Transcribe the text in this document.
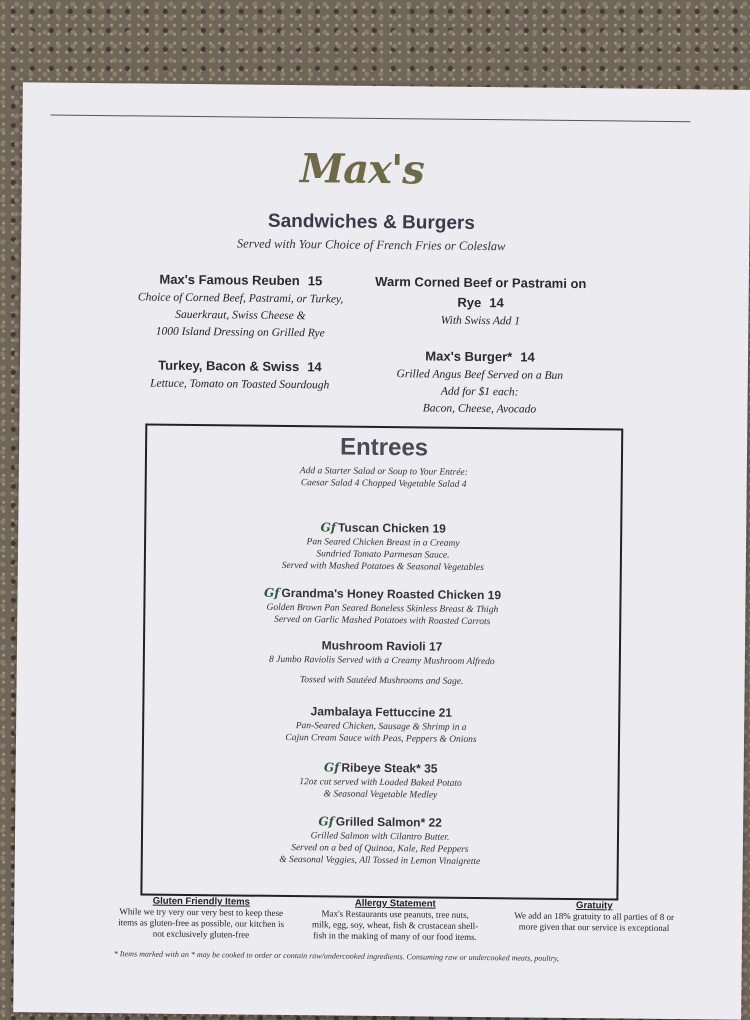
Max's
Sandwiches & Burgers
Served with Your Choice of French Fries or Coleslaw
Max's Famous Reuben 15
Choice of Corned Beef, Pastrami, or Turkey,
Sauerkraut, Swiss Cheese &
1000 Island Dressing on Grilled Rye
Turkey, Bacon & Swiss 14
Lettuce, Tomato on Toasted Sourdough
Warm Corned Beef or Pastrami on
Rye 14
With Swiss Add 1
Max's Burger* 14
Grilled Angus Beef Served on a Bun
Add for $1 each:
Bacon, Cheese, Avocado
Entrees
Add a Starter Salad or Soup to Your Entrée:
Caesar Salad 4 Chopped Vegetable Salad 4
Gf Tuscan Chicken 19
Pan Seared Chicken Breast in a Creamy
Sundried Tomato Parmesan Sauce.
Served with Mashed Potatoes & Seasonal Vegetables
Gf Grandma's Honey Roasted Chicken 19
Golden Brown Pan Seared Boneless Skinless Breast & Thigh
Served on Garlic Mashed Potatoes with Roasted Carrots
Mushroom Ravioli 17
8 Jumbo Raviolis Served with a Creamy Mushroom Alfredo
Tossed with Sautéed Mushrooms and Sage.
Jambalaya Fettuccine 21
Pan-Seared Chicken, Sausage & Shrimp in a
Cajun Cream Sauce with Peas, Peppers & Onions
Gf Ribeye Steak* 35
12oz cut served with Loaded Baked Potato
& Seasonal Vegetable Medley
Gf Grilled Salmon* 22
Grilled Salmon with Cilantro Butter.
Served on a bed of Quinoa, Kale, Red Peppers
& Seasonal Veggies, All Tossed in Lemon Vinaigrette
Gluten Friendly Items
While we try very our very best to keep these
items as gluten-free as possible, our kitchen is
not exclusively gluten-free
Allergy Statement
Max's Restaurants use peanuts, tree nuts,
milk, egg, soy, wheat, fish & crustacean shell-
fish in the making of many of our food items.
Gratuity
We add an 18% gratuity to all parties of 8 or
more given that our service is exceptional
* Items marked with an * may be cooked to order or contain raw/undercooked ingredients. Consuming raw or undercooked meats, poultry,
